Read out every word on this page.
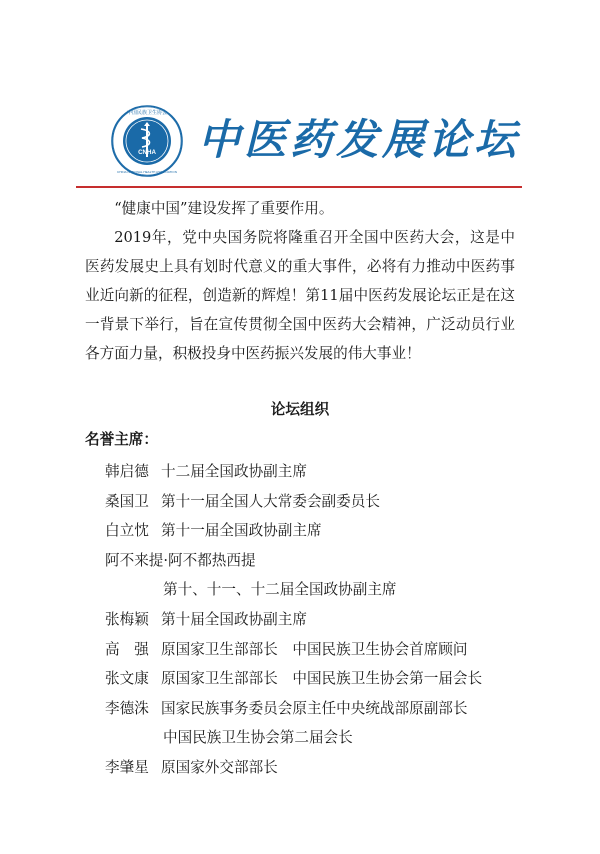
CNHA
中国民族卫生协会
CHINA NATIONAL HEALTH ASSOCIATION
中医药发展论坛

“健康中国”建设发挥了重要作用。

2019年，党中央国务院将隆重召开全国中医药大会，这是中医药发展史上具有划时代意义的重大事件，必将有力推动中医药事业近向新的征程，创造新的辉煌！第11届中医药发展论坛正是在这一背景下举行，旨在宣传贯彻全国中医药大会精神，广泛动员行业各方面力量，积极投身中医药振兴发展的伟大事业！

论坛组织
名誉主席：
韩启德 十二届全国政协副主席
桑国卫 第十一届全国人大常委会副委员长
白立忱 第十一届全国政协副主席
阿不来提·阿不都热西提
第十、十一、十二届全国政协副主席
张梅颖 第十届全国政协副主席
高　强 原国家卫生部部长　中国民族卫生协会首席顾问
张文康 原国家卫生部部长　中国民族卫生协会第一届会长
李德洙 国家民族事务委员会原主任中央统战部原副部长
中国民族卫生协会第二届会长
李肇星 原国家外交部部长
